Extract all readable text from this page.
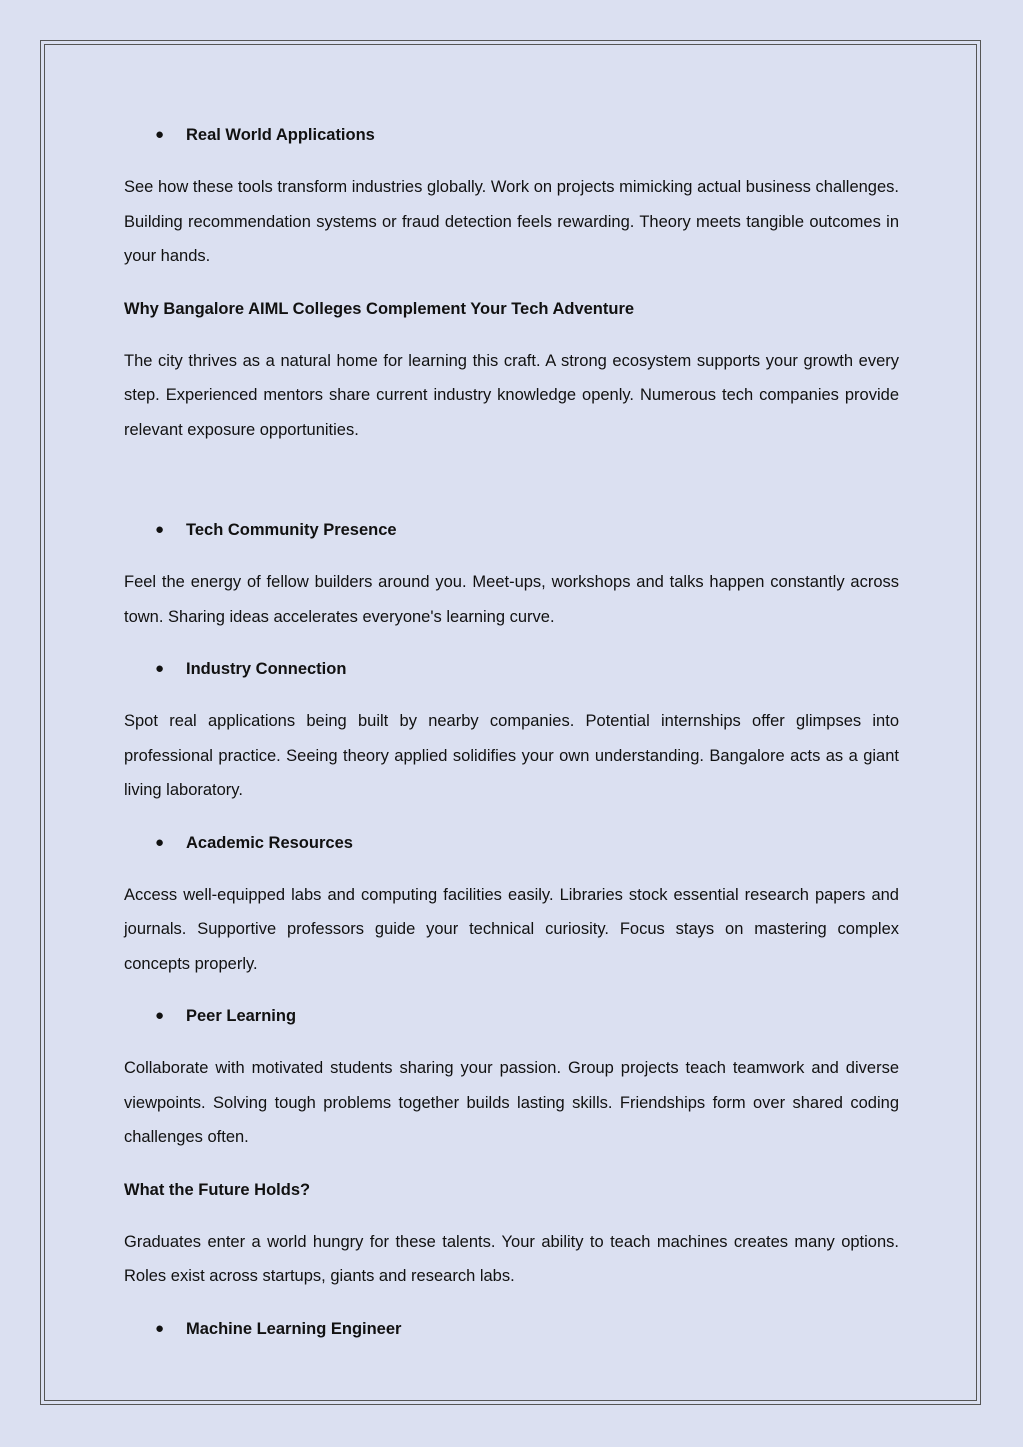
● Real World Applications

See how these tools transform industries globally. Work on projects mimicking actual business challenges. Building recommendation systems or fraud detection feels rewarding. Theory meets tangible outcomes in your hands.

Why Bangalore AIML Colleges Complement Your Tech Adventure

The city thrives as a natural home for learning this craft. A strong ecosystem supports your growth every step. Experienced mentors share current industry knowledge openly. Numerous tech companies provide relevant exposure opportunities.

● Tech Community Presence

Feel the energy of fellow builders around you. Meet-ups, workshops and talks happen constantly across town. Sharing ideas accelerates everyone's learning curve.

● Industry Connection

Spot real applications being built by nearby companies. Potential internships offer glimpses into professional practice. Seeing theory applied solidifies your own understanding. Bangalore acts as a giant living laboratory.

● Academic Resources

Access well-equipped labs and computing facilities easily. Libraries stock essential research papers and journals. Supportive professors guide your technical curiosity. Focus stays on mastering complex concepts properly.

● Peer Learning

Collaborate with motivated students sharing your passion. Group projects teach teamwork and diverse viewpoints. Solving tough problems together builds lasting skills. Friendships form over shared coding challenges often.

What the Future Holds?

Graduates enter a world hungry for these talents. Your ability to teach machines creates many options. Roles exist across startups, giants and research labs.

● Machine Learning Engineer
